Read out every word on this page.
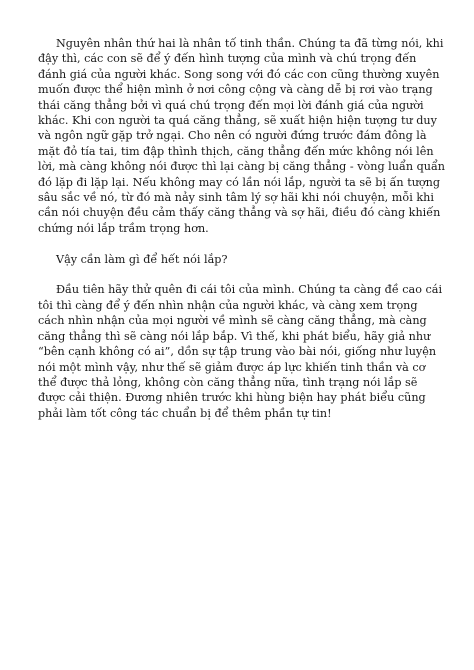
Nguyên nhân thứ hai là nhân tố tinh thần. Chúng ta đã từng nói, khi đậy thì, các con sẽ để ý đến hình tượng của mình và chú trọng đến đánh giá của người khác. Song song với đó các con cũng thường xuyên muốn được thể hiện mình ở nơi công cộng và càng dễ bị rơi vào trạng thái căng thẳng bởi vì quá chú trọng đến mọi lời đánh giá của người khác. Khi con người ta quá căng thẳng, sẽ xuất hiện hiện tượng tư duy và ngôn ngữ gặp trở ngại. Cho nên có người đứng trước đám đông là mặt đỏ tía tai, tim đập thình thịch, căng thẳng đến mức không nói lên lời, mà càng không nói được thì lại càng bị căng thẳng - vòng luẩn quẩn đó lặp đi lặp lại. Nếu không may có lần nói lắp, người ta sẽ bị ấn tượng sâu sắc về nó, từ đó mà nảy sinh tâm lý sợ hãi khi nói chuyện, mỗi khi cần nói chuyện đều cảm thấy căng thẳng và sợ hãi, điều đó càng khiến chứng nói lắp trầm trọng hơn.

Vậy cần làm gì để hết nói lắp?

Đầu tiên hãy thử quên đi cái tôi của mình. Chúng ta càng đề cao cái tôi thì càng để ý đến nhìn nhận của người khác, và càng xem trọng cách nhìn nhận của mọi người về mình sẽ càng căng thẳng, mà càng căng thẳng thì sẽ càng nói lắp bắp. Vì thế, khi phát biểu, hãy giả như “bên cạnh không có ai”, dồn sự tập trung vào bài nói, giống như luyện nói một mình vậy, như thế sẽ giảm được áp lực khiến tinh thần và cơ thể được thả lỏng, không còn căng thẳng nữa, tình trạng nói lắp sẽ được cải thiện. Đương nhiên trước khi hùng biện hay phát biểu cũng phải làm tốt công tác chuẩn bị để thêm phần tự tin!
